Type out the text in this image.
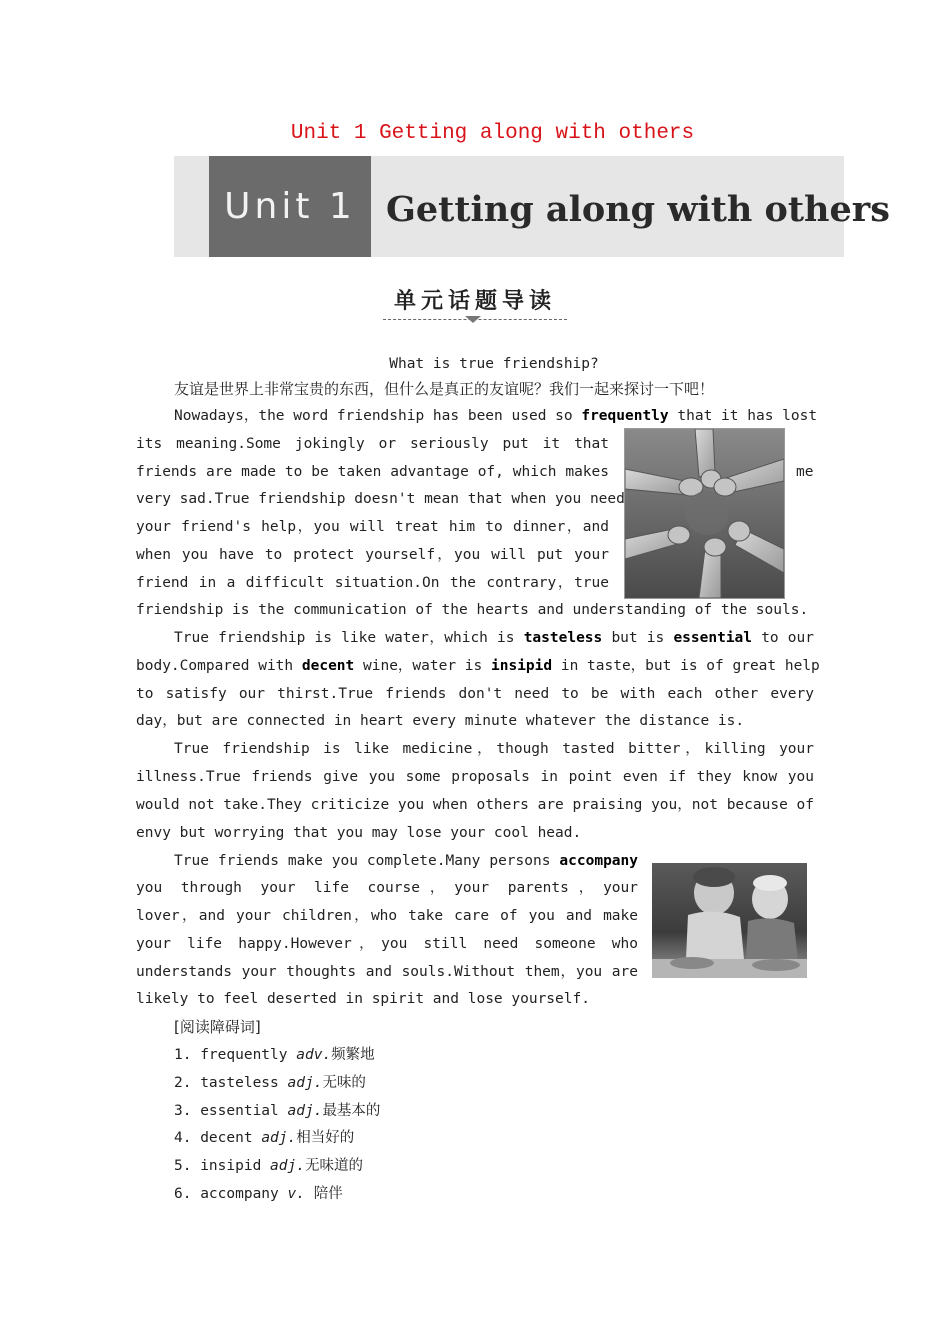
Unit 1 Getting along with others
Unit 1 Getting along with others
单元话题导读
What is true friendship?
友谊是世界上非常宝贵的东西，但什么是真正的友谊呢？我们一起来探讨一下吧！
Nowadays，the word friendship has been used so frequently that it has lost
its meaning.Some jokingly or seriously put it that
friends are made to be taken advantage of, which makes	me
very sad.True friendship doesn't mean that when you need
your friend's help，you will treat him to dinner，and
when you have to protect yourself，you will put your
friend in a difficult situation.On the contrary，true
friendship is the communication of the hearts and understanding of the souls.
True friendship is like water，which is tasteless but is essential to our
body.Compared with decent wine，water is insipid in taste，but is of great help
to satisfy our thirst.True friends don't need to be with each other every
day，but are connected in heart every minute whatever the distance is.
True friendship is like medicine，though tasted bitter，killing your
illness.True friends give you some proposals in point even if they know you
would not take.They criticize you when others are praising you，not because of
envy but worrying that you may lose your cool head.
True friends make you complete.Many persons accompany
you through your life course，your parents，your
lover，and your children，who take care of you and make
your life happy.However，you still need someone who
understands your thoughts and souls.Without them，you are
likely to feel deserted in spirit and lose yourself.
[阅读障碍词]
1. frequently adv.频繁地
2. tasteless adj.无味的
3. essential adj.最基本的
4. decent adj.相当好的
5. insipid adj.无味道的
6. accompany v. 陪伴
